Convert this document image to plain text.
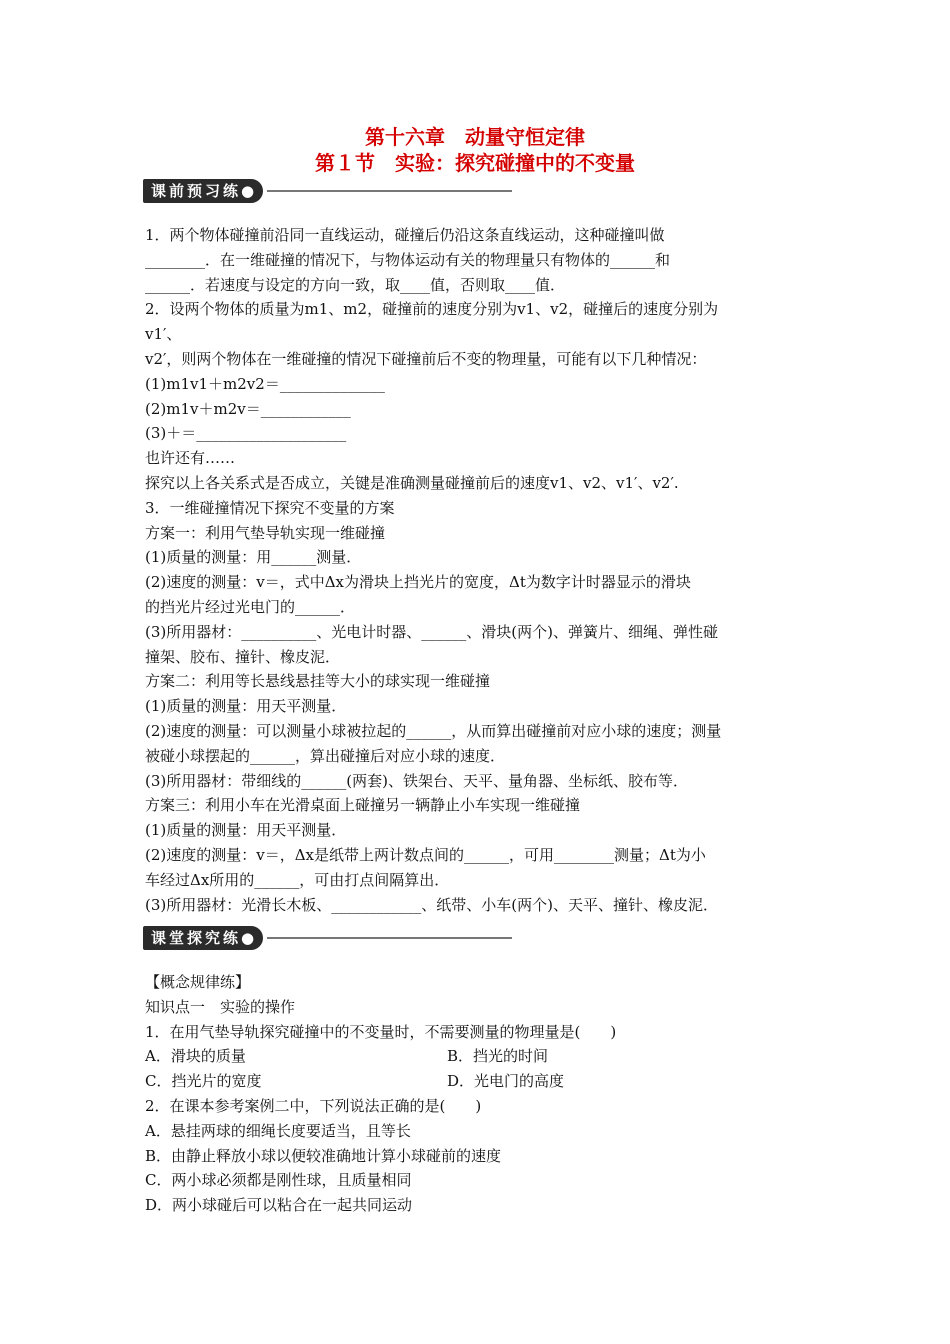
第十六章　动量守恒定律
第１节　实验：探究碰撞中的不变量
课前预习练●
1．两个物体碰撞前沿同一直线运动，碰撞后仍沿这条直线运动，这种碰撞叫做
________．在一维碰撞的情况下，与物体运动有关的物理量只有物体的______和
______．若速度与设定的方向一致，取____值，否则取____值．
2．设两个物体的质量为m1、m2，碰撞前的速度分别为v1、v2，碰撞后的速度分别为
v1′、
v2′，则两个物体在一维碰撞的情况下碰撞前后不变的物理量，可能有以下几种情况：
(1)m1v1＋m2v2＝______________
(2)m1v＋m2v＝____________
(3)＋＝____________________
也许还有……
探究以上各关系式是否成立，关键是准确测量碰撞前后的速度v1、v2、v1′、v2′.
3．一维碰撞情况下探究不变量的方案
方案一：利用气垫导轨实现一维碰撞
(1)质量的测量：用______测量．
(2)速度的测量：v＝，式中Δx为滑块上挡光片的宽度，Δt为数字计时器显示的滑块
的挡光片经过光电门的______．
(3)所用器材：__________、光电计时器、______、滑块(两个)、弹簧片、细绳、弹性碰
撞架、胶布、撞针、橡皮泥．
方案二：利用等长悬线悬挂等大小的球实现一维碰撞
(1)质量的测量：用天平测量．
(2)速度的测量：可以测量小球被拉起的______，从而算出碰撞前对应小球的速度；测量
被碰小球摆起的______，算出碰撞后对应小球的速度．
(3)所用器材：带细线的______(两套)、铁架台、天平、量角器、坐标纸、胶布等．
方案三：利用小车在光滑桌面上碰撞另一辆静止小车实现一维碰撞
(1)质量的测量：用天平测量．
(2)速度的测量：v＝，Δx是纸带上两计数点间的______，可用________测量；Δt为小
车经过Δx所用的______，可由打点间隔算出．
(3)所用器材：光滑长木板、____________、纸带、小车(两个)、天平、撞针、橡皮泥．
课堂探究练●
【概念规律练】
知识点一　实验的操作
1．在用气垫导轨探究碰撞中的不变量时，不需要测量的物理量是(　　)
A．滑块的质量	B．挡光的时间
C．挡光片的宽度	D．光电门的高度
2．在课本参考案例二中，下列说法正确的是(　　)
A．悬挂两球的细绳长度要适当，且等长
B．由静止释放小球以便较准确地计算小球碰前的速度
C．两小球必须都是刚性球，且质量相同
D．两小球碰后可以粘合在一起共同运动
